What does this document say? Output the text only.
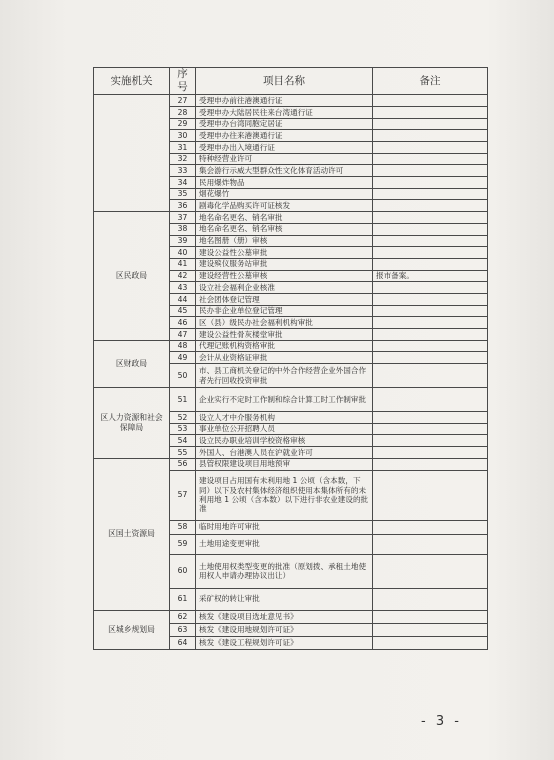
实施机关	序号	项目名称	备注
	27	受理申办前往港澳通行证	
	28	受理申办大陆居民往来台湾通行证	
	29	受理申办台湾同胞定居证	
	30	受理申办往来港澳通行证	
	31	受理申办出入境通行证	
	32	特种经营业许可	
	33	集会游行示威大型群众性文化体育活动许可	
	34	民用爆炸物品	
	35	烟花爆竹	
	36	剧毒化学品购买许可证核发	
区民政局	37	地名命名更名、销名审批	
	38	地名命名更名、销名审核	
	39	地名图册（册）审核	
	40	建设公益性公墓审批	
	41	建设殡仪服务站审批	
	42	建设经营性公墓审核	报市备案。
	43	设立社会福利企业核准	
	44	社会团体登记管理	
	45	民办非企业单位登记管理	
	46	区（县）级民办社会福利机构审批	
	47	建设公益性骨灰楼堂审批	
区财政局	48	代理记账机构资格审批	
	49	会计从业资格证审批	
	50	市、县工商机关登记的中外合作经营企业外国合作者先行回收投资审批	
区人力资源和社会保障局	51	企业实行不定时工作制和综合计算工时工作制审批	
	52	设立人才中介服务机构	
	53	事业单位公开招聘人员	
	54	设立民办职业培训学校资格审核	
	55	外国人、台港澳人员在沪就业许可	
区国土资源局	56	县管权限建设项目用地预审	
	57	建设项目占用国有未利用地 1 公顷（含本数，下同）以下及农村集体经济组织使用本集体所有的未利用地 1 公顷（含本数）以下进行非农业建设的批准	
	58	临时用地许可审批	
	59	土地用途变更审批	
	60	土地使用权类型变更的批准（原划拨、承租土地使用权人申请办理协议出让）	
	61	采矿权的转让审批	
区城乡规划局	62	核发《建设项目选址意见书》	
	63	核发《建设用地规划许可证》	
	64	核发《建设工程规划许可证》	
- 3 -
